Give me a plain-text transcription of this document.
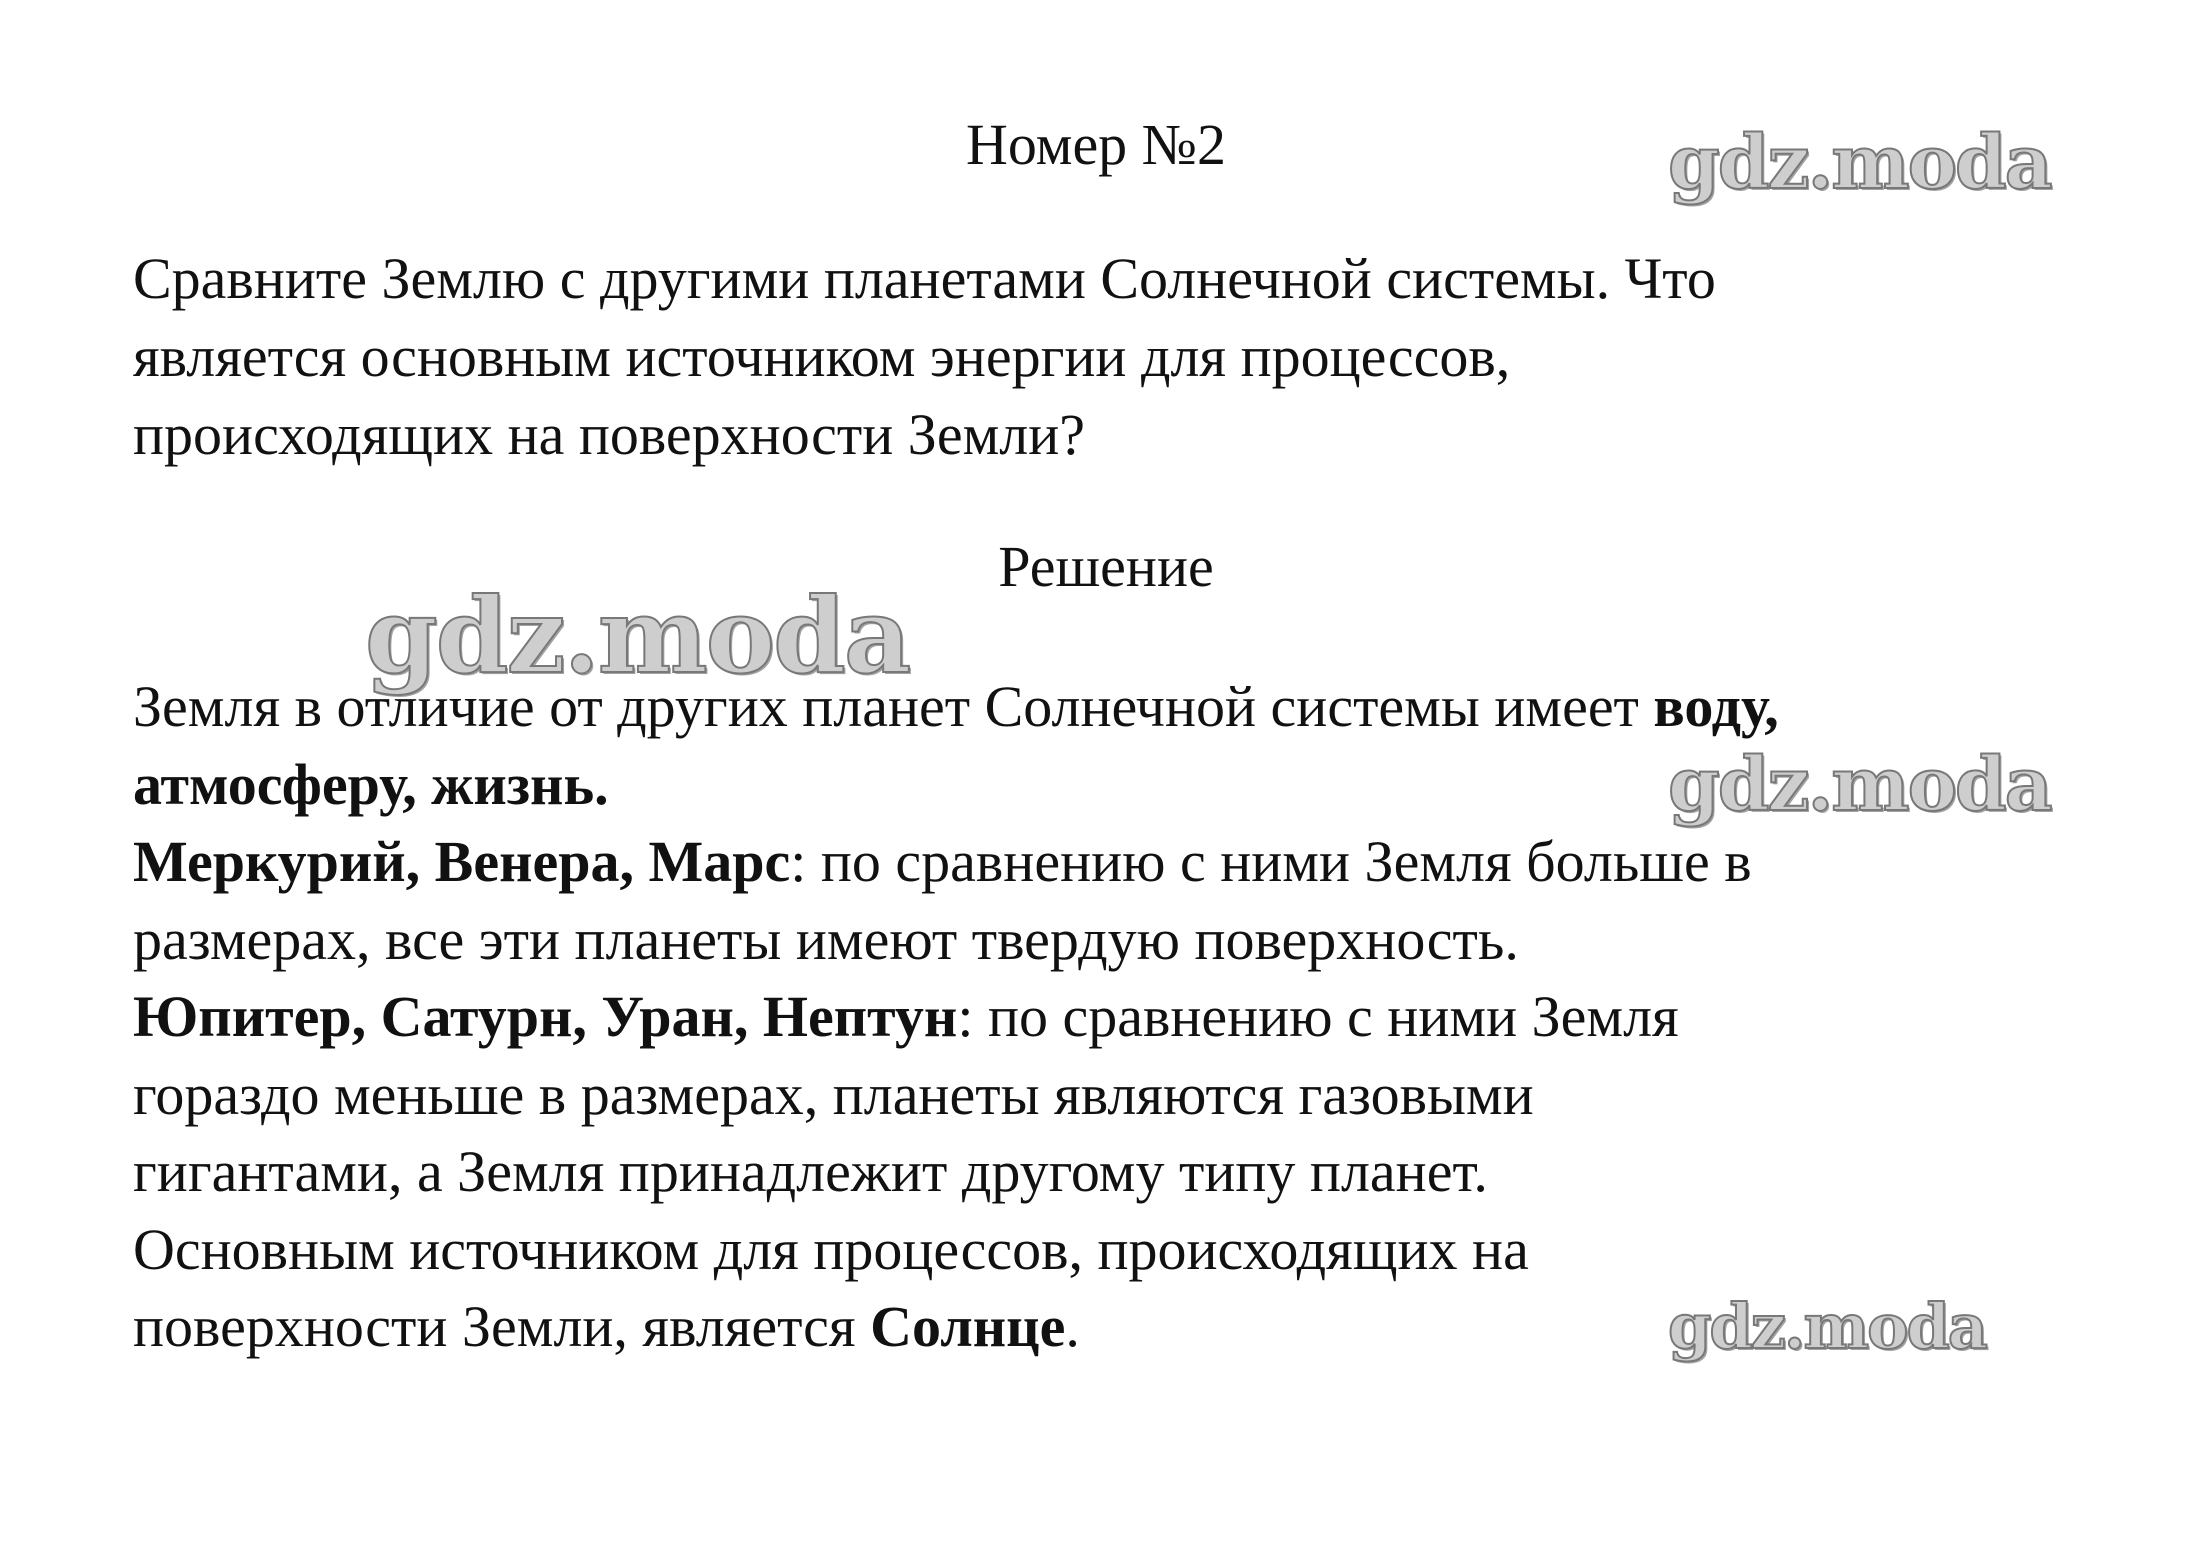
Номер №2
Сравните Землю с другими планетами Солнечной системы. Что
является основным источником энергии для процессов,
происходящих на поверхности Земли?
Решение
Земля в отличие от других планет Солнечной системы имеет воду,
атмосферу, жизнь.
Меркурий, Венера, Марс: по сравнению с ними Земля больше в
размерах, все эти планеты имеют твердую поверхность.
Юпитер, Сатурн, Уран, Нептун: по сравнению с ними Земля
гораздо меньше в размерах, планеты являются газовыми
гигантами, а Земля принадлежит другому типу планет.
Основным источником для процессов, происходящих на
поверхности Земли, является Солнце.
gdz.moda
gdz.moda
gdz.moda
gdz.moda
